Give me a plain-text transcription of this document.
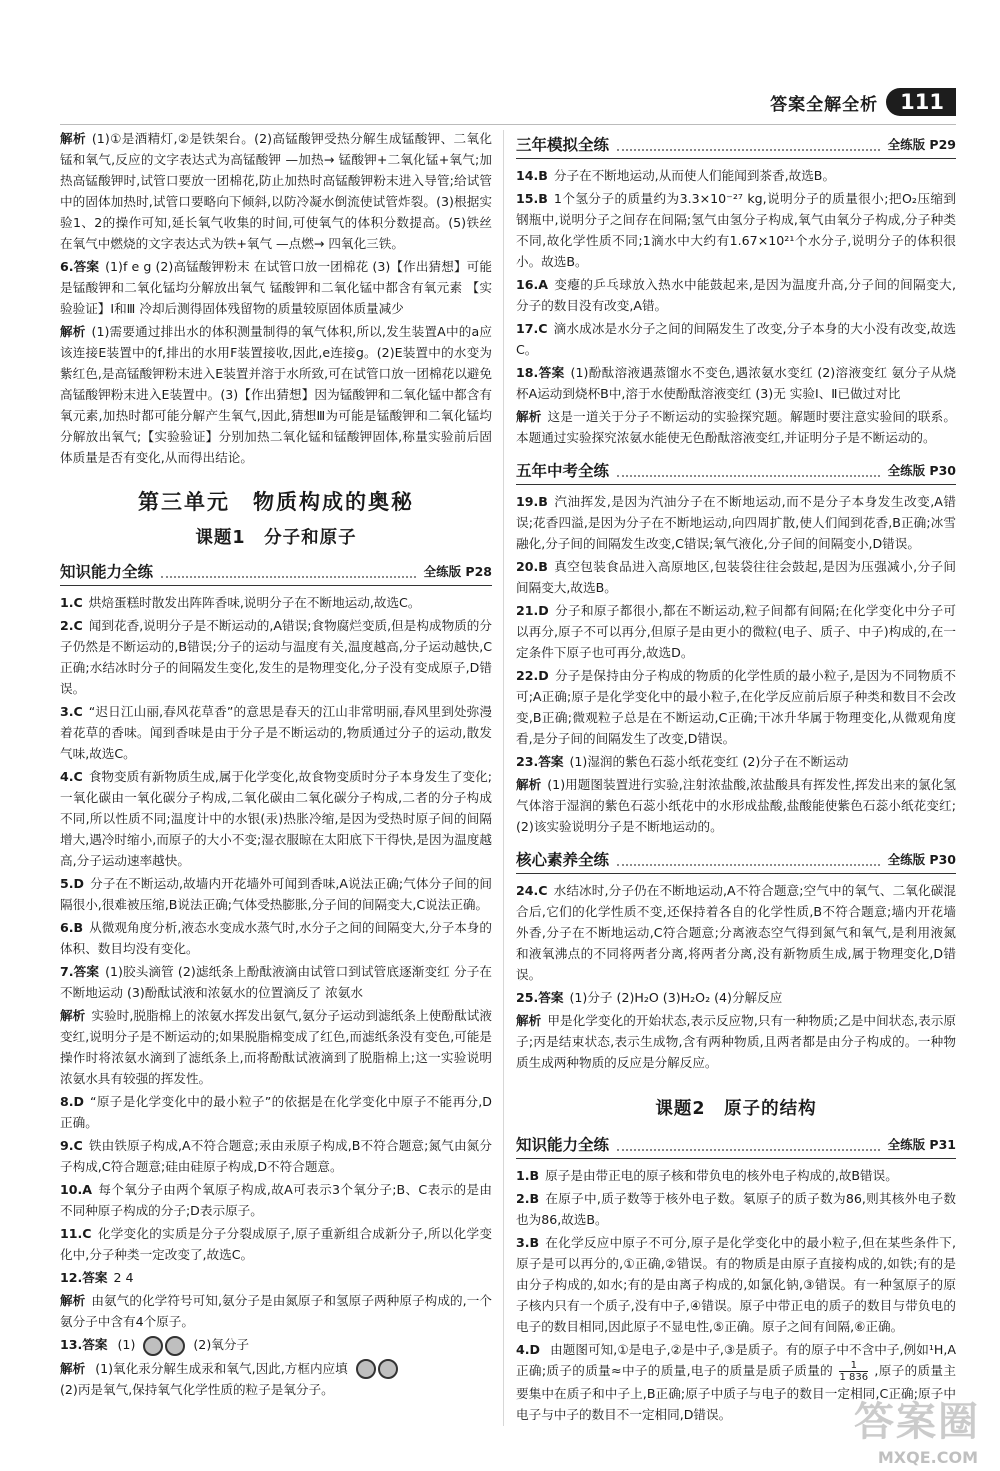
答案全解全析	111

解析 (1)①是酒精灯,②是铁架台。(2)高锰酸钾受热分解生成锰酸钾、二氧化锰和氧气,反应的文字表达式为高锰酸钾 —加热→ 锰酸钾+二氧化锰+氧气;加热高锰酸钾时,试管口要放一团棉花,防止加热时高锰酸钾粉末进入导管;给试管中的固体加热时,试管口要略向下倾斜,以防冷凝水倒流使试管炸裂。(3)根据实验1、2的操作可知,延长氧气收集的时间,可使氧气的体积分数提高。(5)铁丝在氧气中燃烧的文字表达式为铁+氧气 —点燃→ 四氧化三铁。

6.答案 (1)f e g (2)高锰酸钾粉末 在试管口放一团棉花 (3)【作出猜想】可能是锰酸钾和二氧化锰均分解放出氧气 锰酸钾和二氧化锰中都含有氧元素 【实验验证】Ⅰ和Ⅲ 冷却后测得固体残留物的质量较原固体质量减少

解析 (1)需要通过排出水的体积测量制得的氧气体积,所以,发生装置A中的a应该连接E装置中的f,排出的水用F装置接收,因此,e连接g。(2)E装置中的水变为紫红色,是高锰酸钾粉末进入E装置并溶于水所致,可在试管口放一团棉花以避免高锰酸钾粉末进入E装置中。(3)【作出猜想】因为锰酸钾和二氧化锰中都含有氧元素,加热时都可能分解产生氧气,因此,猜想Ⅲ为可能是锰酸钾和二氧化锰均分解放出氧气;【实验验证】分别加热二氧化锰和锰酸钾固体,称量实验前后固体质量是否有变化,从而得出结论。

第三单元　物质构成的奥秘
课题1　分子和原子
知识能力全练	全练版 P28

1.C 烘焙蛋糕时散发出阵阵香味,说明分子在不断地运动,故选C。

2.C 闻到花香,说明分子是不断运动的,A错误;食物腐烂变质,但是构成物质的分子仍然是不断运动的,B错误;分子的运动与温度有关,温度越高,分子运动越快,C正确;水结冰时分子的间隔发生变化,发生的是物理变化,分子没有变成原子,D错误。

3.C “迟日江山丽,春风花草香”的意思是春天的江山非常明丽,春风里到处弥漫着花草的香味。闻到香味是由于分子是不断运动的,物质通过分子的运动,散发气味,故选C。

4.C 食物变质有新物质生成,属于化学变化,故食物变质时分子本身发生了变化;一氧化碳由一氧化碳分子构成,二氧化碳由二氧化碳分子构成,二者的分子构成不同,所以性质不同;温度计中的水银(汞)热胀冷缩,是因为受热时原子间的间隔增大,遇冷时缩小,而原子的大小不变;湿衣服晾在太阳底下干得快,是因为温度越高,分子运动速率越快。

5.D 分子在不断运动,故墙内开花墙外可闻到香味,A说法正确;气体分子间的间隔很小,很难被压缩,B说法正确;气体受热膨胀,分子间的间隔变大,C说法正确。

6.B 从微观角度分析,液态水变成水蒸气时,水分子之间的间隔变大,分子本身的体积、数目均没有变化。

7.答案 (1)胶头滴管 (2)滤纸条上酚酞液滴由试管口到试管底逐渐变红 分子在不断地运动 (3)酚酞试液和浓氨水的位置滴反了 浓氨水

解析 实验时,脱脂棉上的浓氨水挥发出氨气,氨分子运动到滤纸条上使酚酞试液变红,说明分子是不断运动的;如果脱脂棉变成了红色,而滤纸条没有变色,可能是操作时将浓氨水滴到了滤纸条上,而将酚酞试液滴到了脱脂棉上;这一实验说明浓氨水具有较强的挥发性。

8.D “原子是化学变化中的最小粒子”的依据是在化学变化中原子不能再分,D正确。

9.C 铁由铁原子构成,A不符合题意;汞由汞原子构成,B不符合题意;氮气由氮分子构成,C符合题意;硅由硅原子构成,D不符合题意。

10.A 每个氧分子由两个氧原子构成,故A可表示3个氧分子;B、C表示的是由不同种原子构成的分子;D表示原子。

11.C 化学变化的实质是分子分裂成原子,原子重新组合成新分子,所以化学变化中,分子种类一定改变了,故选C。

12.答案 2 4

解析 由氨气的化学符号可知,氨分子是由氮原子和氢原子两种原子构成的,一个氨分子中含有4个原子。

13.答案 (1)	(2)氧分子

解析 (1)氧化汞分解生成汞和氧气,因此,方框内应填

(2)丙是氧气,保持氧气化学性质的粒子是氧分子。

三年模拟全练	全练版 P29

14.B 分子在不断地运动,从而使人们能闻到茶香,故选B。

15.B 1个氢分子的质量约为3.3×10⁻²⁷ kg,说明分子的质量很小;把O₂压缩到钢瓶中,说明分子之间存在间隔;氢气由氢分子构成,氧气由氧分子构成,分子种类不同,故化学性质不同;1滴水中大约有1.67×10²¹个水分子,说明分子的体积很小。故选B。

16.A 变瘪的乒乓球放入热水中能鼓起来,是因为温度升高,分子间的间隔变大,分子的数目没有改变,A错。

17.C 滴水成冰是水分子之间的间隔发生了改变,分子本身的大小没有改变,故选C。

18.答案 (1)酚酞溶液遇蒸馏水不变色,遇浓氨水变红 (2)溶液变红 氨分子从烧杯A运动到烧杯B中,溶于水使酚酞溶液变红 (3)无 实验Ⅰ、Ⅱ已做过对比

解析 这是一道关于分子不断运动的实验探究题。解题时要注意实验间的联系。本题通过实验探究浓氨水能使无色酚酞溶液变红,并证明分子是不断运动的。

五年中考全练	全练版 P30

19.B 汽油挥发,是因为汽油分子在不断地运动,而不是分子本身发生改变,A错误;花香四溢,是因为分子在不断地运动,向四周扩散,使人们闻到花香,B正确;冰雪融化,分子间的间隔发生改变,C错误;氧气液化,分子间的间隔变小,D错误。

20.B 真空包装食品进入高原地区,包装袋往往会鼓起,是因为压强减小,分子间间隔变大,故选B。

21.D 分子和原子都很小,都在不断运动,粒子间都有间隔;在化学变化中分子可以再分,原子不可以再分,但原子是由更小的微粒(电子、质子、中子)构成的,在一定条件下原子也可再分,故选D。

22.D 分子是保持由分子构成的物质的化学性质的最小粒子,是因为不同物质不可;A正确;原子是化学变化中的最小粒子,在化学反应前后原子种类和数目不会改变,B正确;微观粒子总是在不断运动,C正确;干冰升华属于物理变化,从微观角度看,是分子间的间隔发生了改变,D错误。

23.答案 (1)湿润的紫色石蕊小纸花变红 (2)分子在不断运动

解析 (1)用题图装置进行实验,注射浓盐酸,浓盐酸具有挥发性,挥发出来的氯化氢气体溶于湿润的紫色石蕊小纸花中的水形成盐酸,盐酸能使紫色石蕊小纸花变红;(2)该实验说明分子是不断地运动的。

核心素养全练	全练版 P30

24.C 水结冰时,分子仍在不断地运动,A不符合题意;空气中的氧气、二氧化碳混合后,它们的化学性质不变,还保持着各自的化学性质,B不符合题意;墙内开花墙外香,分子在不断地运动,C符合题意;分离液态空气得到氮气和氧气,是利用液氮和液氧沸点的不同将两者分离,将两者分离,没有新物质生成,属于物理变化,D错误。

25.答案 (1)分子 (2)H₂O (3)H₂O₂ (4)分解反应

解析 甲是化学变化的开始状态,表示反应物,只有一种物质;乙是中间状态,表示原子;丙是结束状态,表示生成物,含有两种物质,且两者都是由分子构成的。一种物质生成两种物质的反应是分解反应。

课题2　原子的结构
知识能力全练	全练版 P31

1.B 原子是由带正电的原子核和带负电的核外电子构成的,故B错误。

2.B 在原子中,质子数等于核外电子数。氡原子的质子数为86,则其核外电子数也为86,故选B。

3.B 在化学反应中原子不可分,原子是化学变化中的最小粒子,但在某些条件下,原子是可以再分的,①正确,②错误。有的物质是由原子直接构成的,如铁;有的是由分子构成的,如水;有的是由离子构成的,如氯化钠,③错误。有一种氢原子的原子核内只有一个质子,没有中子,④错误。原子中带正电的质子的数目与带负电的电子的数目相同,因此原子不显电性,⑤正确。原子之间有间隔,⑥正确。

4.D 由题图可知,①是电子,②是中子,③是质子。有的原子中不含中子,例如¹H,A正确;质子的质量≈中子的质量,电子的质量是质子质量的 $\frac{1}{1 836}$ ,原子的质量主要集中在质子和中子上,B正确;原子中质子与电子的数目一定相同,C正确;原子中电子与中子的数目不一定相同,D错误。	答案圈
MXQE.COM
